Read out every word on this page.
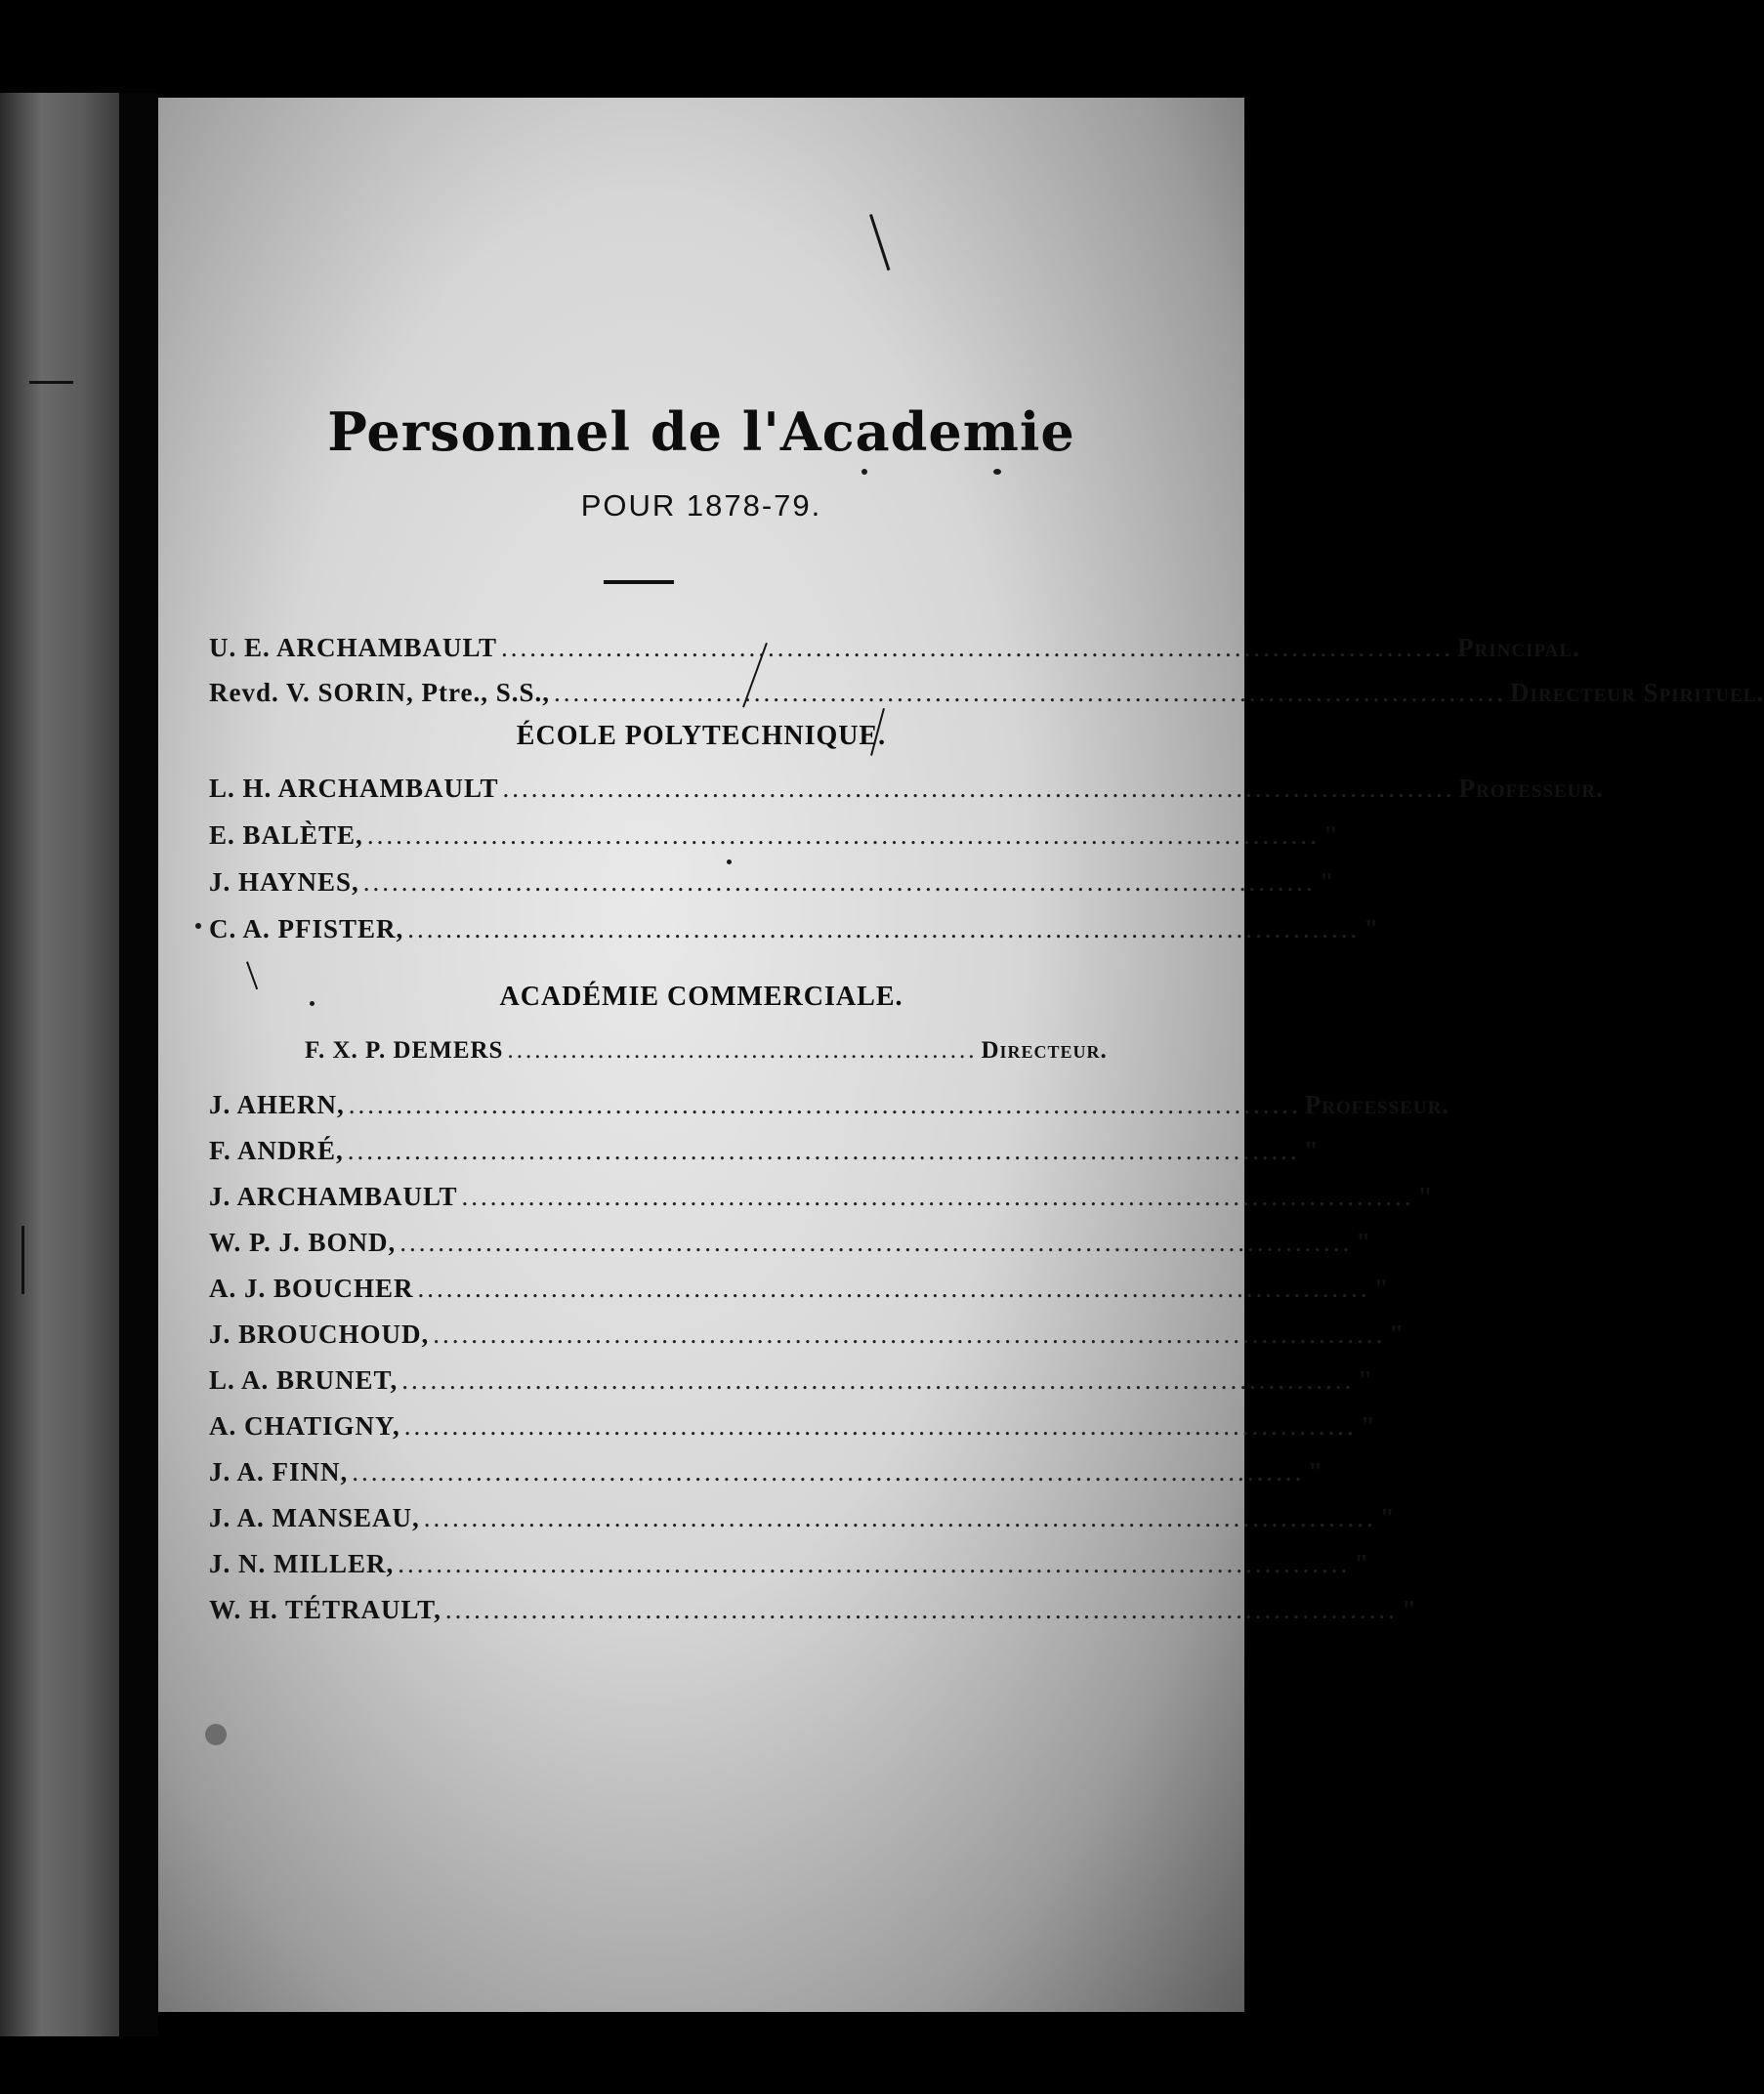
Personnel de l'Academie
POUR 1878-79.
U. E. ARCHAMBAULT .................................................................................................... Principal.
Revd. V. SORIN, Ptre., S.S., .................................................................................................... Directeur Spirituel.
ÉCOLE POLYTECHNIQUE.
L. H. ARCHAMBAULT .................................................................................................... Professeur.
E. BALÈTE, .................................................................................................... "
J. HAYNES, .................................................................................................... "
C. A. PFISTER, .................................................................................................... "
ACADÉMIE COMMERCIALE.
F. X. P. DEMERS .................................................... Directeur.
J. AHERN, .................................................................................................... Professeur.
F. ANDRÉ, .................................................................................................... "
J. ARCHAMBAULT .................................................................................................... "
W. P. J. BOND, .................................................................................................... "
A. J. BOUCHER .................................................................................................... "
J. BROUCHOUD, .................................................................................................... "
L. A. BRUNET, .................................................................................................... "
A. CHATIGNY, .................................................................................................... "
J. A. FINN, .................................................................................................... "
J. A. MANSEAU, .................................................................................................... "
J. N. MILLER, .................................................................................................... "
W. H. TÉTRAULT, .................................................................................................... "
